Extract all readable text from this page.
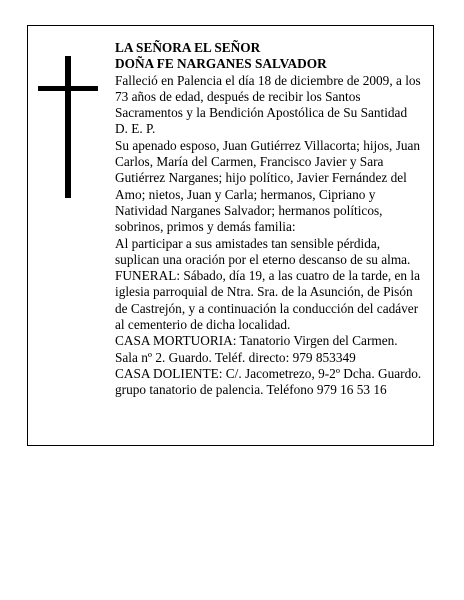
LA SEÑORA EL SEÑOR

DOÑA FE NARGANES SALVADOR

Falleció en Palencia el día 18 de diciembre de 2009, a los 73 años de edad, después de recibir los Santos Sacramentos y la Bendición Apostólica de Su Santidad D. E. P.

Su apenado esposo, Juan Gutiérrez Villacorta; hijos, Juan Carlos, María del Carmen, Francisco Javier y Sara Gutiérrez Narganes; hijo político, Javier Fernández del Amo; nietos, Juan y Carla; hermanos, Cipriano y Natividad Narganes Salvador; hermanos políticos, sobrinos, primos y demás familia:

Al participar a sus amistades tan sensible pérdida, suplican una oración por el eterno descanso de su alma.

FUNERAL: Sábado, día 19, a las cuatro de la tarde, en la iglesia parroquial de Ntra. Sra. de la Asunción, de Pisón de Castrejón, y a continuación la conducción del cadáver al cementerio de dicha localidad.

CASA MORTUORIA: Tanatorio Virgen del Carmen. Sala nº 2. Guardo. Teléf. directo: 979 853349

CASA DOLIENTE: C/. Jacometrezo, 9-2º Dcha. Guardo.

grupo tanatorio de palencia. Teléfono 979 16 53 16
